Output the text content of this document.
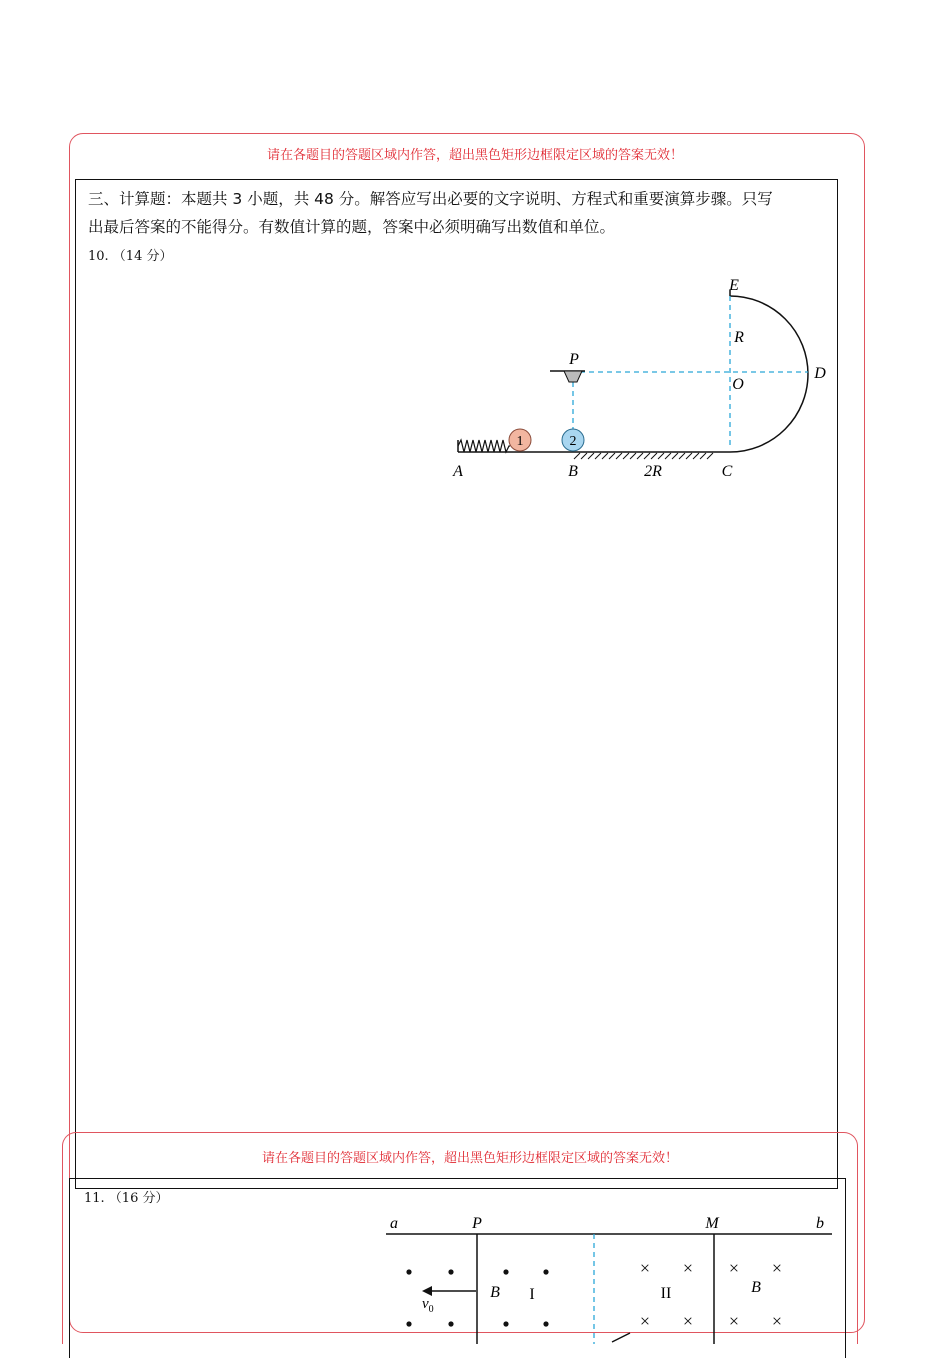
请在各题目的答题区域内作答，超出黑色矩形边框限定区域的答案无效！
三、计算题：本题共 3 小题，共 48 分。解答应写出必要的文字说明、方程式和重要演算步骤。只写
出最后答案的不能得分。有数值计算的题，答案中必须明确写出数值和单位。
10. （14 分）
1	2
A	B	2R	C
D
E
O
R
P
请在各题目的答题区域内作答，超出黑色矩形边框限定区域的答案无效！
11. （16 分）
a	P	M	b
× × × ×
× × × ×
$v_0$
B I	II	B
